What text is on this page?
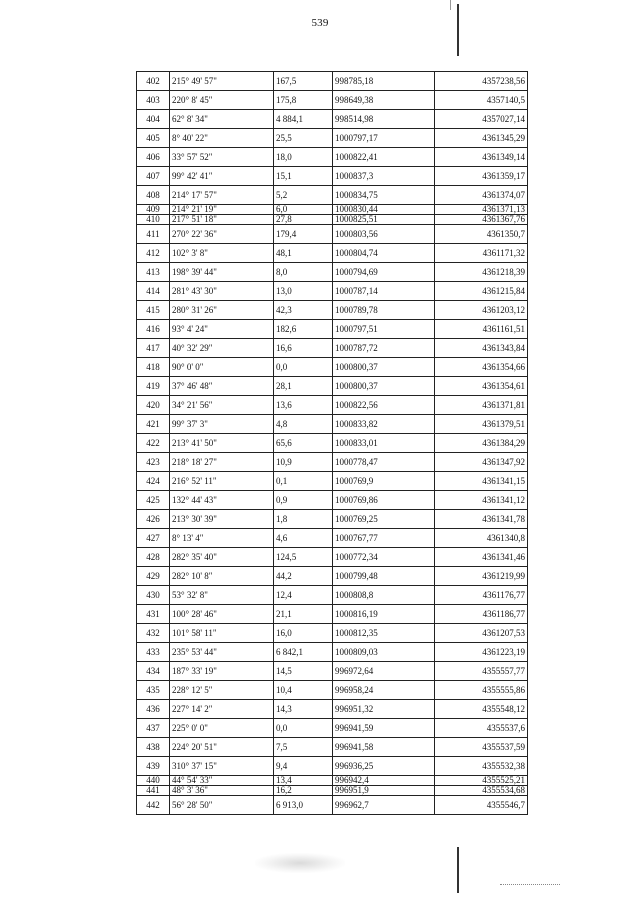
539
402	215° 49' 57"	167,5	998785,18	4357238,56
403	220° 8' 45"	175,8	998649,38	4357140,5
404	62° 8' 34"	4 884,1	998514,98	4357027,14
405	8° 40' 22"	25,5	1000797,17	4361345,29
406	33° 57' 52"	18,0	1000822,41	4361349,14
407	99° 42' 41"	15,1	1000837,3	4361359,17
408	214° 17' 57"	5,2	1000834,75	4361374,07
409	214° 21' 19"	6,0	1000830,44	4361371,13
410	217° 51' 18"	27,8	1000825,51	4361367,76
411	270° 22' 36"	179,4	1000803,56	4361350,7
412	102° 3' 8"	48,1	1000804,74	4361171,32
413	198° 39' 44"	8,0	1000794,69	4361218,39
414	281° 43' 30"	13,0	1000787,14	4361215,84
415	280° 31' 26"	42,3	1000789,78	4361203,12
416	93° 4' 24"	182,6	1000797,51	4361161,51
417	40° 32' 29"	16,6	1000787,72	4361343,84
418	90° 0' 0"	0,0	1000800,37	4361354,66
419	37° 46' 48"	28,1	1000800,37	4361354,61
420	34° 21' 56"	13,6	1000822,56	4361371,81
421	99° 37' 3"	4,8	1000833,82	4361379,51
422	213° 41' 50"	65,6	1000833,01	4361384,29
423	218° 18' 27"	10,9	1000778,47	4361347,92
424	216° 52' 11"	0,1	1000769,9	4361341,15
425	132° 44' 43"	0,9	1000769,86	4361341,12
426	213° 30' 39"	1,8	1000769,25	4361341,78
427	8° 13' 4"	4,6	1000767,77	4361340,8
428	282° 35' 40"	124,5	1000772,34	4361341,46
429	282° 10' 8"	44,2	1000799,48	4361219,99
430	53° 32' 8"	12,4	1000808,8	4361176,77
431	100° 28' 46"	21,1	1000816,19	4361186,77
432	101° 58' 11"	16,0	1000812,35	4361207,53
433	235° 53' 44"	6 842,1	1000809,03	4361223,19
434	187° 33' 19"	14,5	996972,64	4355557,77
435	228° 12' 5"	10,4	996958,24	4355555,86
436	227° 14' 2"	14,3	996951,32	4355548,12
437	225° 0' 0"	0,0	996941,59	4355537,6
438	224° 20' 51"	7,5	996941,58	4355537,59
439	310° 37' 15"	9,4	996936,25	4355532,38
440	44° 54' 33"	13,4	996942,4	4355525,21
441	48° 3' 36"	16,2	996951,9	4355534,68
442	56° 28' 50"	6 913,0	996962,7	4355546,7
